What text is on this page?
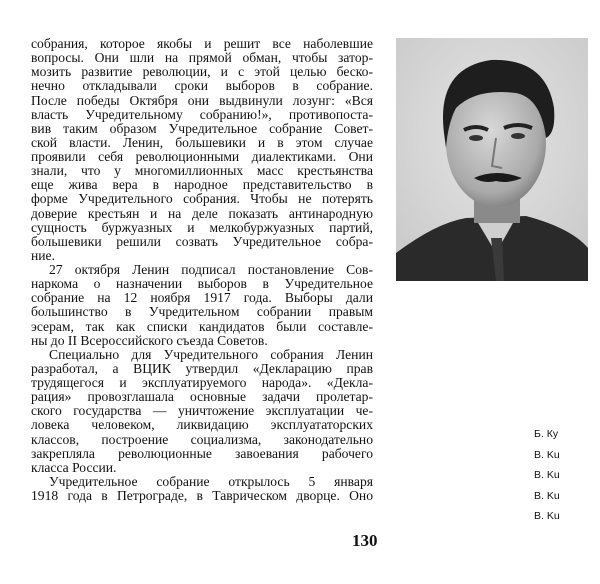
собрания, которое якобы и решит все наболевшие
вопросы. Они шли на прямой обман, чтобы затор-
мозить развитие революции, и с этой целью беско-
нечно откладывали сроки выборов в собрание.
После победы Октября они выдвинули лозунг: «Вся
власть Учредительному собранию!», противопоста-
вив таким образом Учредительное собрание Совет-
ской власти. Ленин, большевики и в этом случае
проявили себя революционными диалектиками. Они
знали, что у многомиллионных масс крестьянства
еще жива вера в народное представительство в
форме Учредительного собрания. Чтобы не потерять
доверие крестьян и на деле показать антинародную
сущность буржуазных и мелкобуржуазных партий,
большевики решили созвать Учредительное собра-
ние.
27 октября Ленин подписал постановление Сов-
наркома о назначении выборов в Учредительное
собрание на 12 ноября 1917 года. Выборы дали
большинство в Учредительном собрании правым
эсерам, так как списки кандидатов были составле-
ны до II Всероссийского съезда Советов.
Специально для Учредительного собрания Ленин
разработал, а ВЦИК утвердил «Декларацию прав
трудящегося и эксплуатируемого народа». «Декла-
рация» провозглашала основные задачи пролетар-
ского государства — уничтожение эксплуатации че-
ловека человеком, ликвидацию эксплуататорских
классов, построение социализма, законодательно
закрепляла революционные завоевания рабочего
класса России.
Учредительное собрание открылось 5 января
1918 года в Петрограде, в Таврическом дворце. Оно
Б. Ку
В. Ku
В. Ku
В. Ku
В. Ku
130
